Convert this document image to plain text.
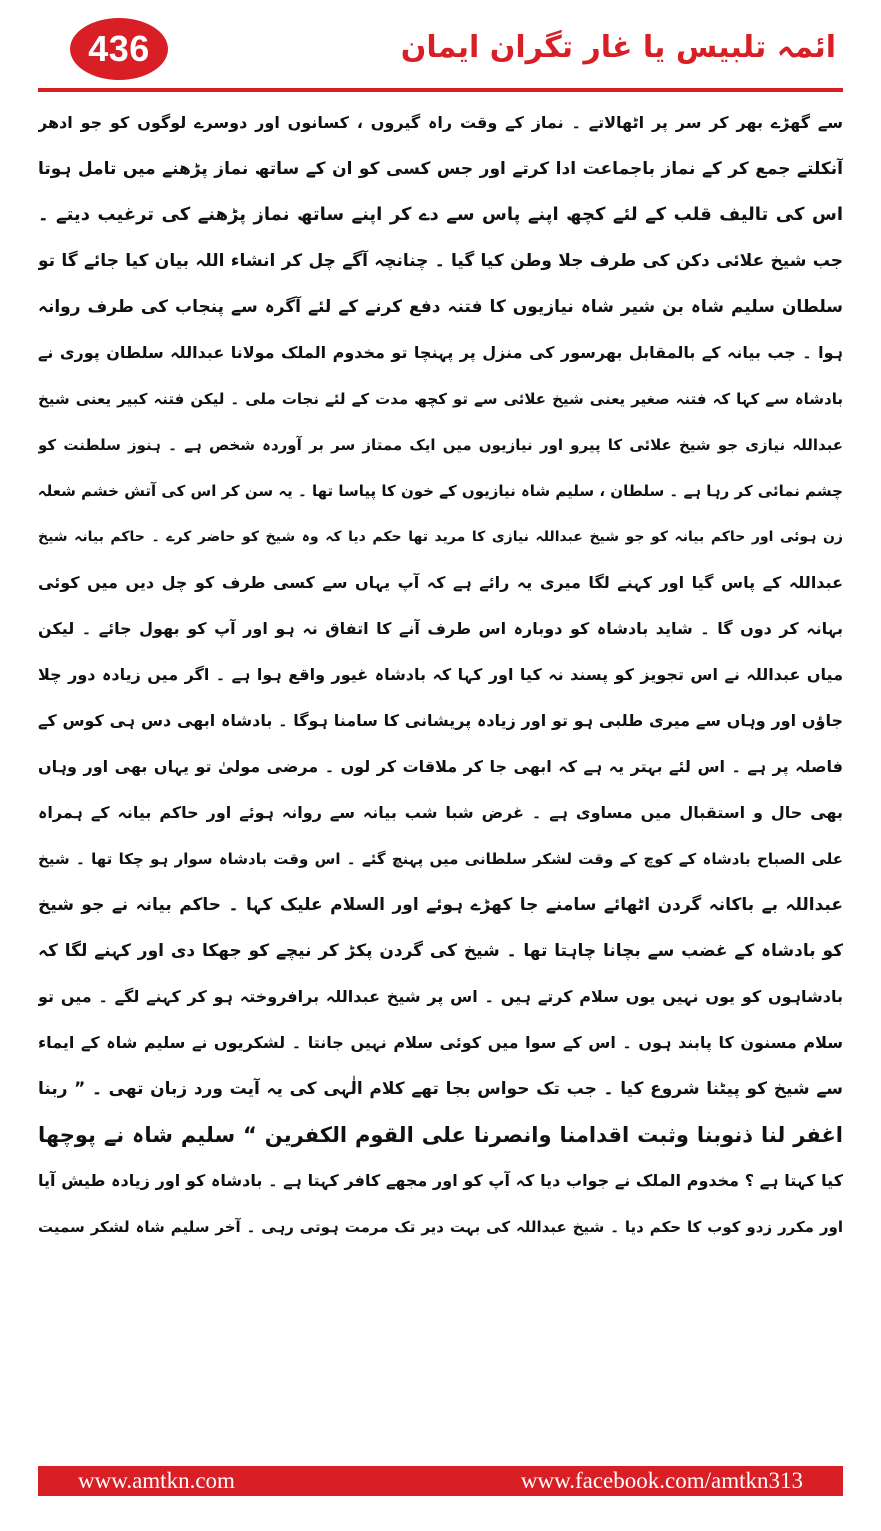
436	ائمہ تلبیس یا غار تگران ایمان
سے گھڑے بھر کر سر پر اٹھالاتے ۔ نماز کے وقت راہ گیروں ، کسانوں اور دوسرے لوگوں کو جو ادھر
آنکلتے جمع کر کے نماز باجماعت ادا کرتے اور جس کسی کو ان کے ساتھ نماز پڑھنے میں تامل ہوتا
اس کی تالیف قلب کے لئے کچھ اپنے پاس سے دے کر اپنے ساتھ نماز پڑھنے کی ترغیب دیتے ۔
جب شیخ علائی دکن کی طرف جلا وطن کیا گیا ۔ چنانچہ آگے چل کر انشاء اللہ بیان کیا جائے گا تو
سلطان سلیم شاہ بن شیر شاہ نیازیوں کا فتنہ دفع کرنے کے لئے آگرہ سے پنجاب کی طرف روانہ
ہوا ۔ جب بیانہ کے بالمقابل بھرسور کی منزل پر پہنچا تو مخدوم الملک مولانا عبداللہ سلطان پوری نے
بادشاہ سے کہا کہ فتنہ صغیر یعنی شیخ علائی سے تو کچھ مدت کے لئے نجات ملی ۔ لیکن فتنہ کبیر یعنی شیخ
عبداللہ نیازی جو شیخ علائی کا پیرو اور نیازیوں میں ایک ممتاز سر بر آوردہ شخص ہے ۔ ہنوز سلطنت کو
چشم نمائی کر رہا ہے ۔ سلطان ، سلیم شاہ نیازیوں کے خون کا پیاسا تھا ۔ یہ سن کر اس کی آتش خشم شعلہ
زن ہوئی اور حاکم بیانہ کو جو شیخ عبداللہ نیازی کا مرید تھا حکم دیا کہ وہ شیخ کو حاضر کرے ۔ حاکم بیانہ شیخ
عبداللہ کے پاس گیا اور کہنے لگا میری یہ رائے ہے کہ آپ یہاں سے کسی طرف کو چل دیں میں کوئی
بہانہ کر دوں گا ۔ شاید بادشاہ کو دوبارہ اس طرف آنے کا اتفاق نہ ہو اور آپ کو بھول جائے ۔ لیکن
میاں عبداللہ نے اس تجویز کو پسند نہ کیا اور کہا کہ بادشاہ غیور واقع ہوا ہے ۔ اگر میں زیادہ دور چلا
جاؤں اور وہاں سے میری طلبی ہو تو اور زیادہ پریشانی کا سامنا ہوگا ۔ بادشاہ ابھی دس ہی کوس کے
فاصلہ پر ہے ۔ اس لئے بہتر یہ ہے کہ ابھی جا کر ملاقات کر لوں ۔ مرضی مولیٰ تو یہاں بھی اور وہاں
بھی حال و استقبال میں مساوی ہے ۔ غرض شبا شب بیانہ سے روانہ ہوئے اور حاکم بیانہ کے ہمراہ
علی الصباح بادشاہ کے کوچ کے وقت لشکر سلطانی میں پہنچ گئے ۔ اس وقت بادشاہ سوار ہو چکا تھا ۔ شیخ
عبداللہ بے باکانہ گردن اٹھائے سامنے جا کھڑے ہوئے اور السلام علیک کہا ۔ حاکم بیانہ نے جو شیخ
کو بادشاہ کے غضب سے بچانا چاہتا تھا ۔ شیخ کی گردن پکڑ کر نیچے کو جھکا دی اور کہنے لگا کہ
بادشاہوں کو یوں نہیں یوں سلام کرتے ہیں ۔ اس پر شیخ عبداللہ برافروختہ ہو کر کہنے لگے ۔ میں تو
سلام مسنون کا پابند ہوں ۔ اس کے سوا میں کوئی سلام نہیں جانتا ۔ لشکریوں نے سلیم شاہ کے ایماء
سے شیخ کو پیٹنا شروع کیا ۔ جب تک حواس بجا تھے کلام الٰہی کی یہ آیت ورد زبان تھی ۔ ” ربنا
اغفر لنا ذنوبنا وثبت اقدامنا وانصرنا علی القوم الکفرین “ سلیم شاہ نے پوچھا
کیا کہتا ہے ؟ مخدوم الملک نے جواب دیا کہ آپ کو اور مجھے کافر کہتا ہے ۔ بادشاہ کو اور زیادہ طیش آیا
اور مکرر زدو کوب کا حکم دیا ۔ شیخ عبداللہ کی بہت دیر تک مرمت ہوتی رہی ۔ آخر سلیم شاہ لشکر سمیت
www.amtkn.com	www.facebook.com/amtkn313
